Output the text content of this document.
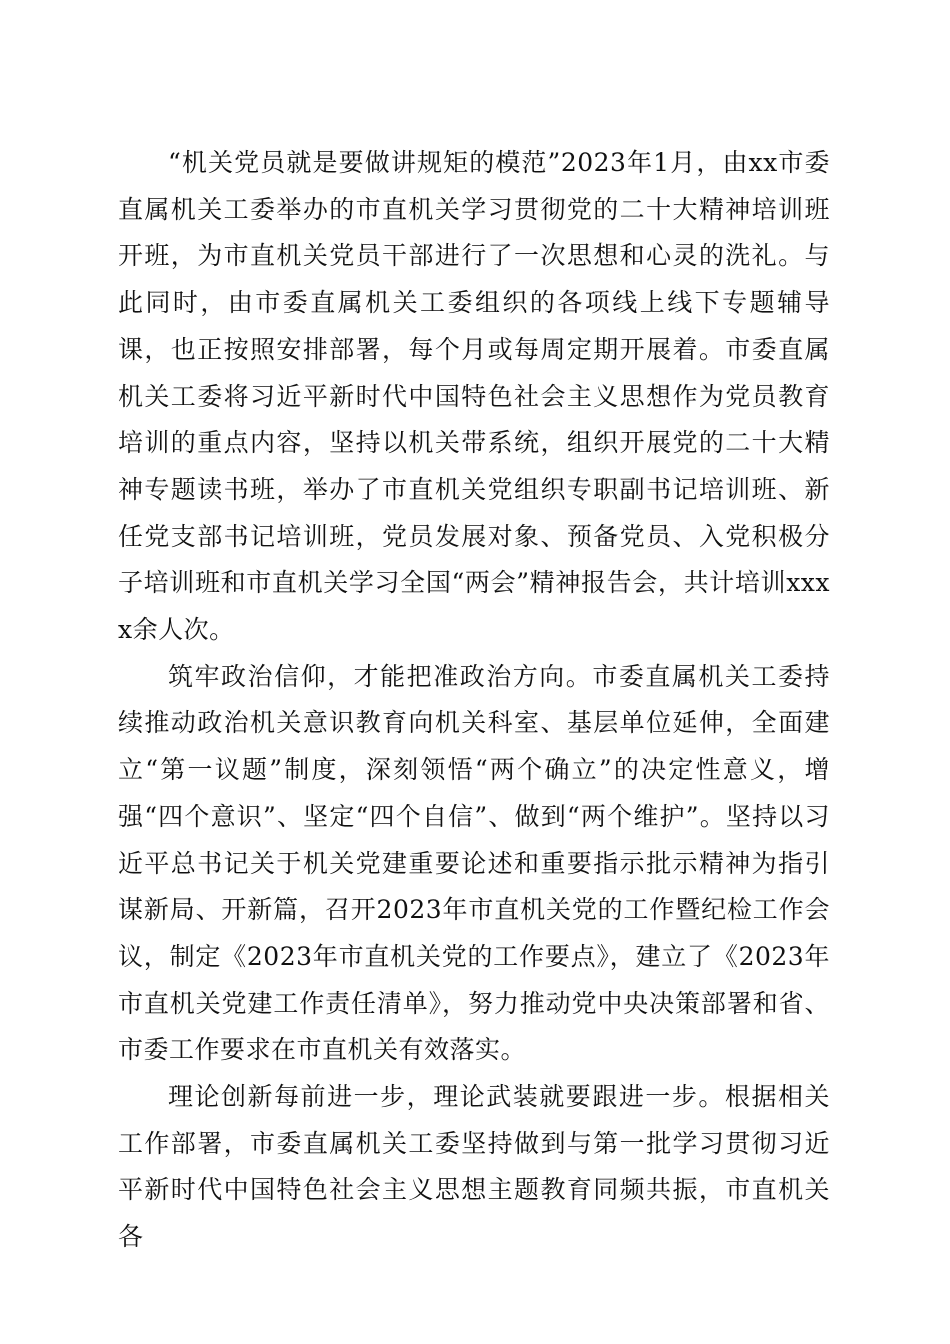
“机关党员就是要做讲规矩的模范”2023年1月，由xx市委直属机关工委举办的市直机关学习贯彻党的二十大精神培训班开班，为市直机关党员干部进行了一次思想和心灵的洗礼。与此同时，由市委直属机关工委组织的各项线上线下专题辅导课，也正按照安排部署，每个月或每周定期开展着。市委直属机关工委将习近平新时代中国特色社会主义思想作为党员教育培训的重点内容，坚持以机关带系统，组织开展党的二十大精神专题读书班，举办了市直机关党组织专职副书记培训班、新任党支部书记培训班，党员发展对象、预备党员、入党积极分子培训班和市直机关学习全国“两会”精神报告会，共计培训xxxx余人次。

筑牢政治信仰，才能把准政治方向。市委直属机关工委持续推动政治机关意识教育向机关科室、基层单位延伸，全面建立“第一议题”制度，深刻领悟“两个确立”的决定性意义，增强“四个意识”、坚定“四个自信”、做到“两个维护”。坚持以习近平总书记关于机关党建重要论述和重要指示批示精神为指引谋新局、开新篇，召开2023年市直机关党的工作暨纪检工作会议，制定《2023年市直机关党的工作要点》，建立了《2023年市直机关党建工作责任清单》，努力推动党中央决策部署和省、市委工作要求在市直机关有效落实。

理论创新每前进一步，理论武装就要跟进一步。根据相关工作部署，市委直属机关工委坚持做到与第一批学习贯彻习近平新时代中国特色社会主义思想主题教育同频共振，市直机关各
